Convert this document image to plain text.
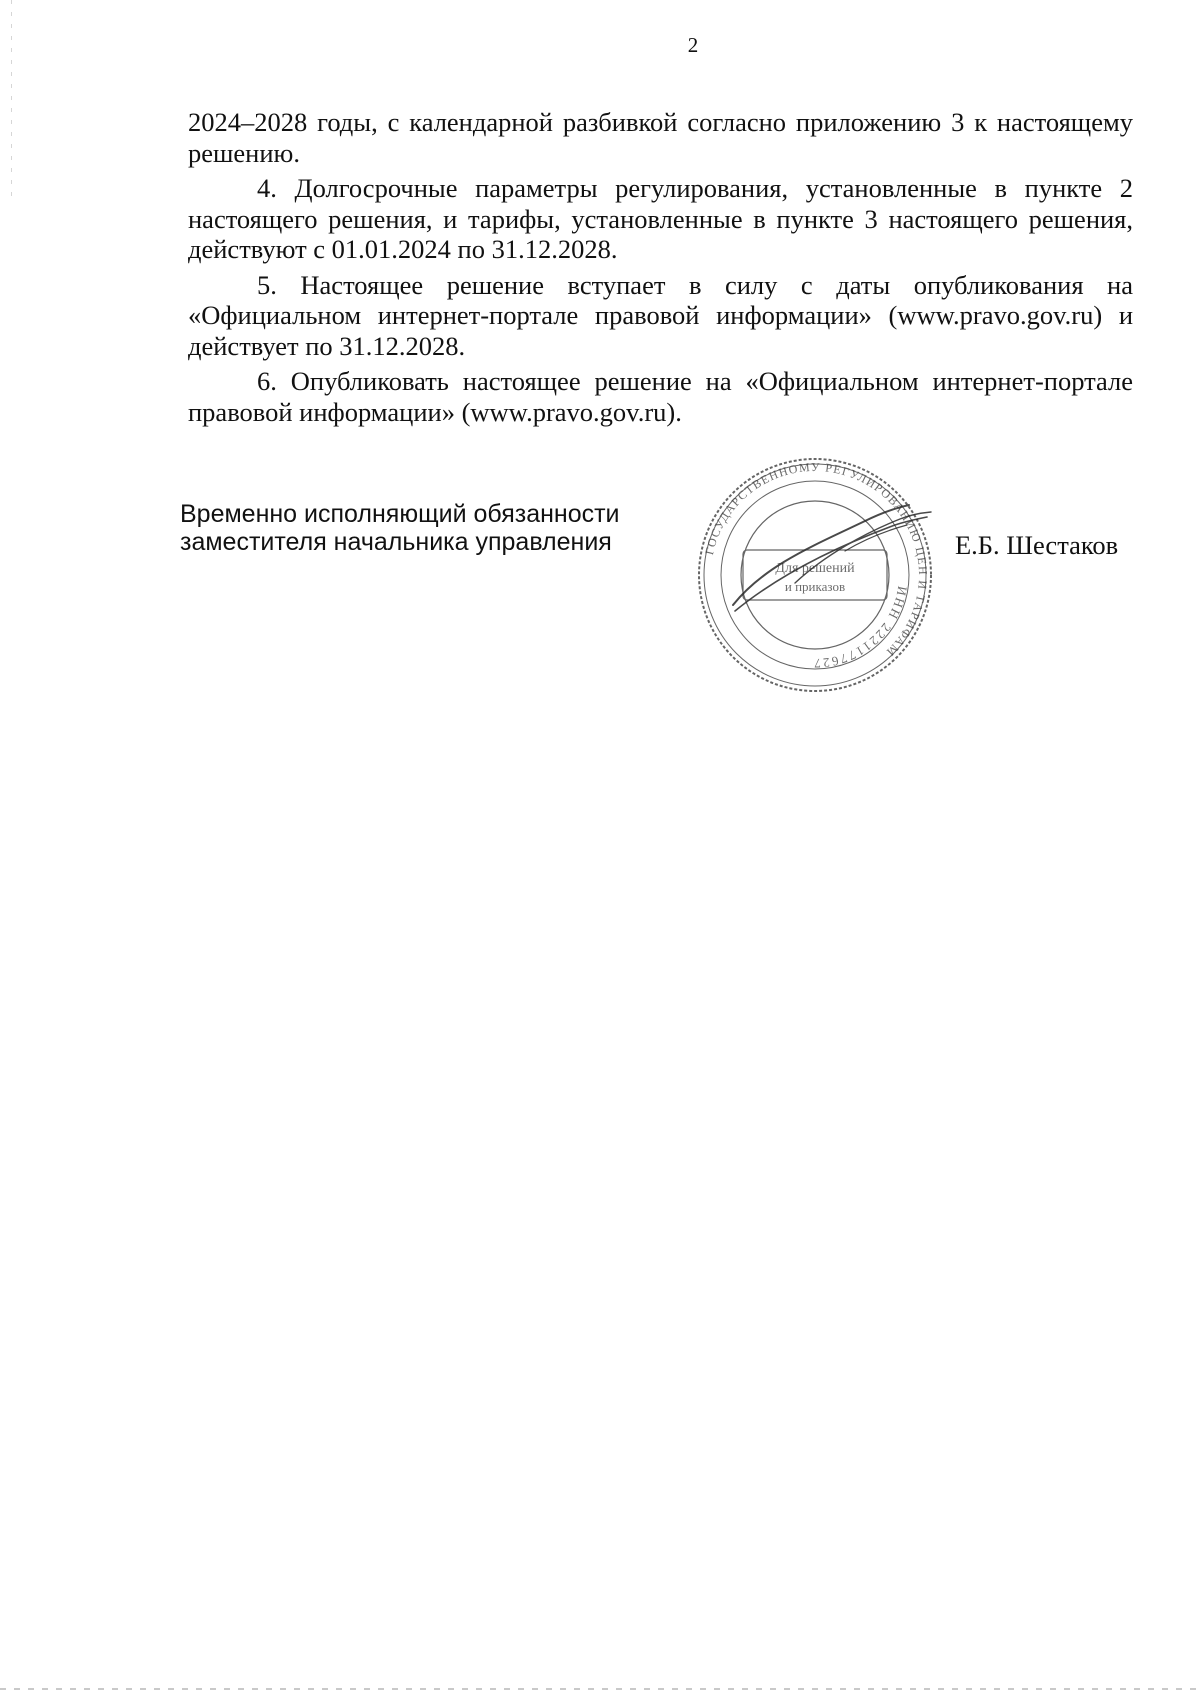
2

2024–2028 годы, с календарной разбивкой согласно приложению 3 к настоящему решению.

4. Долгосрочные параметры регулирования, установленные в пункте 2 настоящего решения, и тарифы, установленные в пункте 3 настоящего решения, действуют с 01.01.2024 по 31.12.2028.

5. Настоящее решение вступает в силу с даты опубликования на «Официальном интернет-портале правовой информации» (www.pravo.gov.ru) и действует по 31.12.2028.

6. Опубликовать настоящее решение на «Официальном интернет-портале правовой информации» (www.pravo.gov.ru).

Временно исполняющий обязанности
заместителя начальника управления	ГОСУДАРСТВЕННОМУ РЕГУЛИРОВАНИЮ ЦЕН И ТАРИФАМ
ИНН 2221177627
Для решений
и приказов
Е.Б. Шестаков
